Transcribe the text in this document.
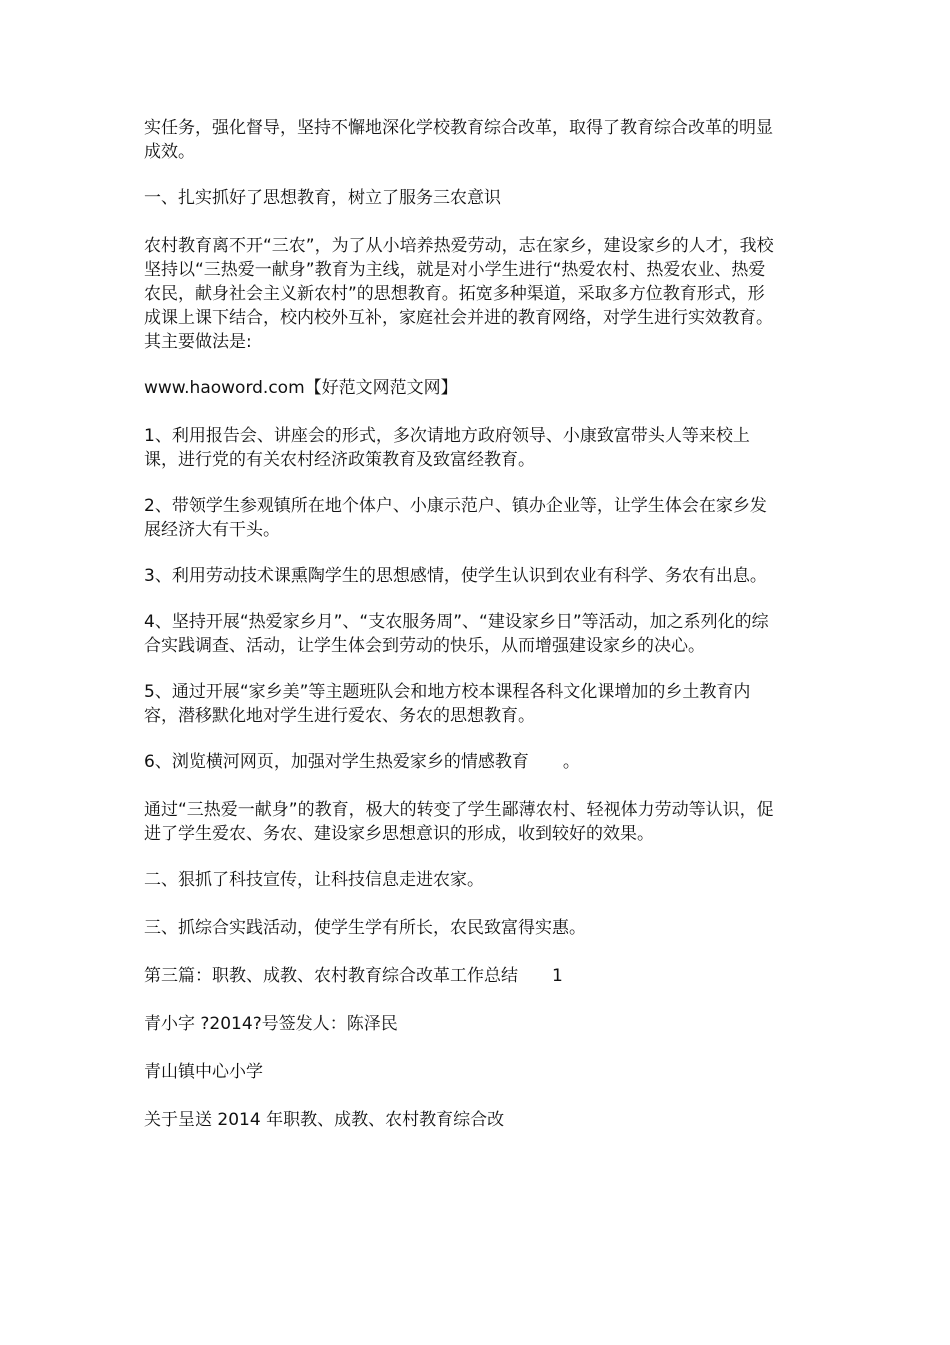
实任务，强化督导，坚持不懈地深化学校教育综合改革，取得了教育综合改革的明显成效。

一、扎实抓好了思想教育，树立了服务三农意识

农村教育离不开“三农”，为了从小培养热爱劳动，志在家乡，建设家乡的人才，我校坚持以“三热爱一献身”教育为主线，就是对小学生进行“热爱农村、热爱农业、热爱农民，献身社会主义新农村”的思想教育。拓宽多种渠道，采取多方位教育形式，形成课上课下结合，校内校外互补，家庭社会并进的教育网络，对学生进行实效教育。其主要做法是:

www.haoword.com【好范文网范文网】

1、利用报告会、讲座会的形式，多次请地方政府领导、小康致富带头人等来校上课，进行党的有关农村经济政策教育及致富经教育。

2、带领学生参观镇所在地个体户、小康示范户、镇办企业等，让学生体会在家乡发展经济大有干头。

3、利用劳动技术课熏陶学生的思想感情，使学生认识到农业有科学、务农有出息。

4、坚持开展“热爱家乡月”、“支农服务周”、“建设家乡日”等活动，加之系列化的综合实践调查、活动，让学生体会到劳动的快乐，从而增强建设家乡的决心。

5、通过开展“家乡美”等主题班队会和地方校本课程各科文化课增加的乡土教育内容，潜移默化地对学生进行爱农、务农的思想教育。

6、浏览横河网页，加强对学生热爱家乡的情感教育　　。

通过“三热爱一献身”的教育，极大的转变了学生鄙薄农村、轻视体力劳动等认识，促进了学生爱农、务农、建设家乡思想意识的形成，收到较好的效果。

二、狠抓了科技宣传，让科技信息走进农家。

三、抓综合实践活动，使学生学有所长，农民致富得实惠。

第三篇：职教、成教、农村教育综合改革工作总结　　1

青小字 ?2014?号签发人：陈泽民

青山镇中心小学

关于呈送 2014 年职教、成教、农村教育综合改
